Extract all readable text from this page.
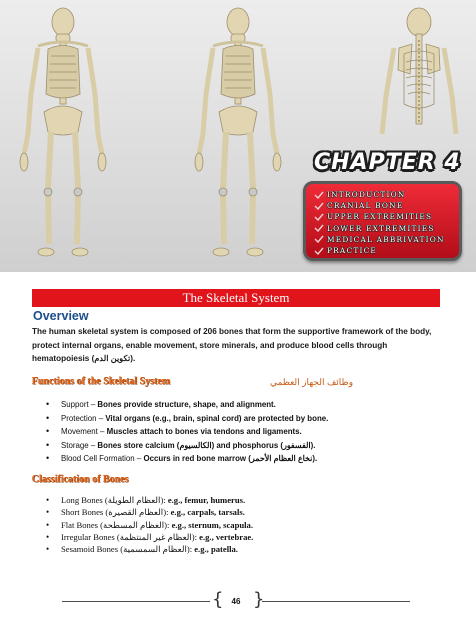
CHAPTER 4
INTRODUCTION
CRANIAL BONE
UPPER EXTREMITIES
LOWER EXTREMITIES
MEDICAL ABBRIVATION
PRACTICE
The Skeletal System
Overview

The human skeletal system is composed of 206 bones that form the supportive framework of the body, protect internal organs, enable movement, store minerals, and produce blood cells through hematopoiesis (تكوين الدم).

Functions of the Skeletal System	وظائف الجهاز العظمي
• Support – Bones provide structure, shape, and alignment.
• Protection – Vital organs (e.g., brain, spinal cord) are protected by bone.
• Movement – Muscles attach to bones via tendons and ligaments.
• Storage – Bones store calcium (الكالسيوم) and phosphorus (الفسفور).
• Blood Cell Formation – Occurs in red bone marrow (نخاع العظام الأحمر).
Classification of Bones
• Long Bones (العظام الطويلة): e.g., femur, humerus.
• Short Bones (العظام القصيرة): e.g., carpals, tarsals.
• Flat Bones (العظام المسطحة): e.g., sternum, scapula.
• Irregular Bones (العظام غير المنتظمة): e.g., vertebrae.
• Sesamoid Bones (العظام السمسمية): e.g., patella.
{ }
46
